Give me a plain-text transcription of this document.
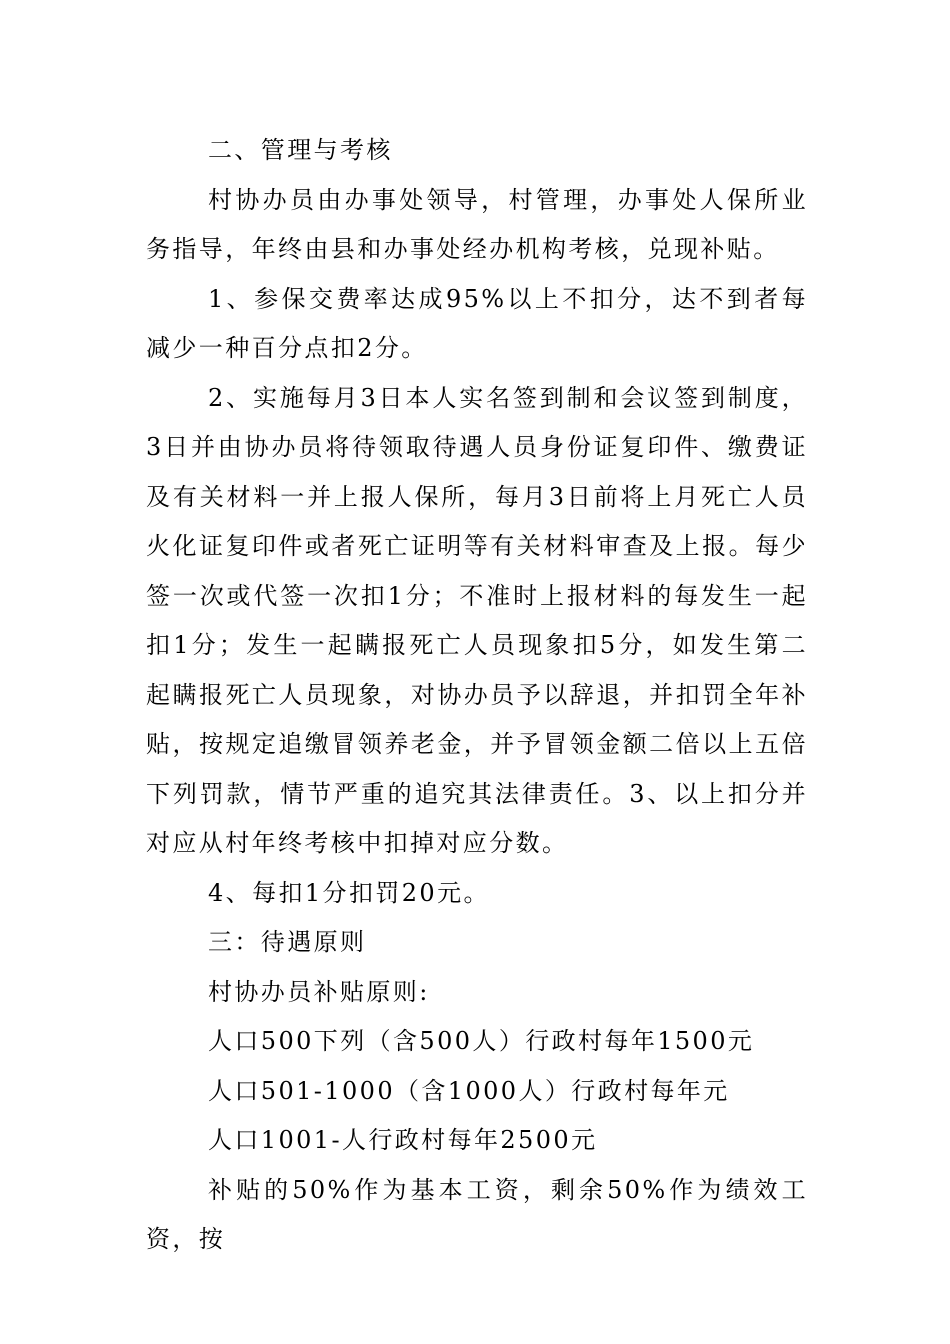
二、管理与考核

村协办员由办事处领导，村管理，办事处人保所业务指导，年终由县和办事处经办机构考核，兑现补贴。

1、参保交费率达成95%以上不扣分，达不到者每减少一种百分点扣2分。

2、实施每月3日本人实名签到制和会议签到制度，3日并由协办员将待领取待遇人员身份证复印件、缴费证及有关材料一并上报人保所，每月3日前将上月死亡人员火化证复印件或者死亡证明等有关材料审查及上报。每少签一次或代签一次扣1分；不准时上报材料的每发生一起扣1分；发生一起瞒报死亡人员现象扣5分，如发生第二起瞒报死亡人员现象，对协办员予以辞退，并扣罚全年补贴，按规定追缴冒领养老金，并予冒领金额二倍以上五倍下列罚款，情节严重的追究其法律责任。3、以上扣分并对应从村年终考核中扣掉对应分数。

4、每扣1分扣罚20元。

三：待遇原则

村协办员补贴原则:

人口500下列（含500人）行政村每年1500元

人口501-1000（含1000人）行政村每年元

人口1001-人行政村每年2500元

补贴的50%作为基本工资，剩余50%作为绩效工资，按
